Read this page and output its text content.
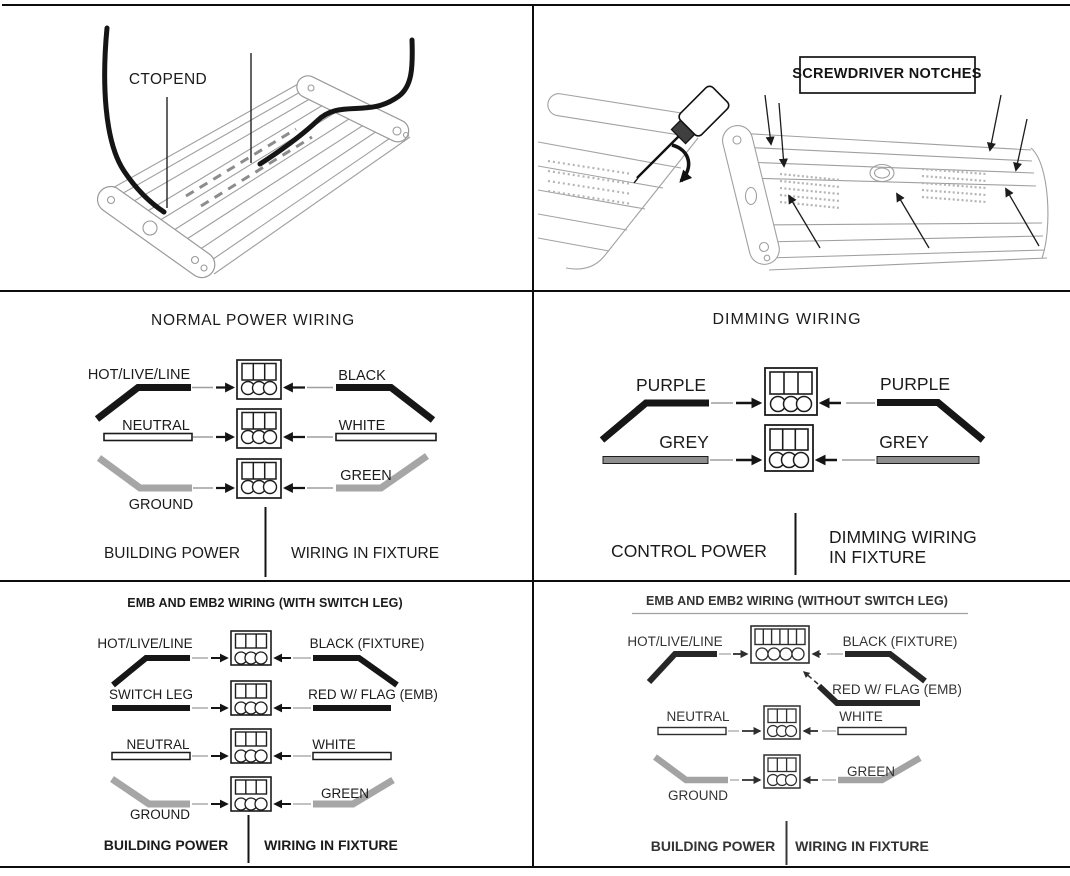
CTOPEND	SCREWDRIVER NOTCHES
NORMAL POWER WIRING
HOT/LIVE/LINE	BLACK
NEUTRAL	WHITE
GROUND
GREEN
BUILDING POWER	WIRING IN FIXTURE
DIMMING WIRING
PURPLE	PURPLE
GREY	GREY
CONTROL POWER
DIMMING WIRING
IN FIXTURE
EMB AND EMB2 WIRING (WITH SWITCH LEG)
HOT/LIVE/LINE	BLACK (FIXTURE)
SWITCH LEG	RED W/ FLAG (EMB)
NEUTRAL	WHITE
GROUND
GREEN
BUILDING POWER	WIRING IN FIXTURE
EMB AND EMB2 WIRING (WITHOUT SWITCH LEG)
HOT/LIVE/LINE	BLACK (FIXTURE)
RED W/ FLAG (EMB)
NEUTRAL	WHITE
GROUND
GREEN
BUILDING POWER WIRING IN FIXTURE
